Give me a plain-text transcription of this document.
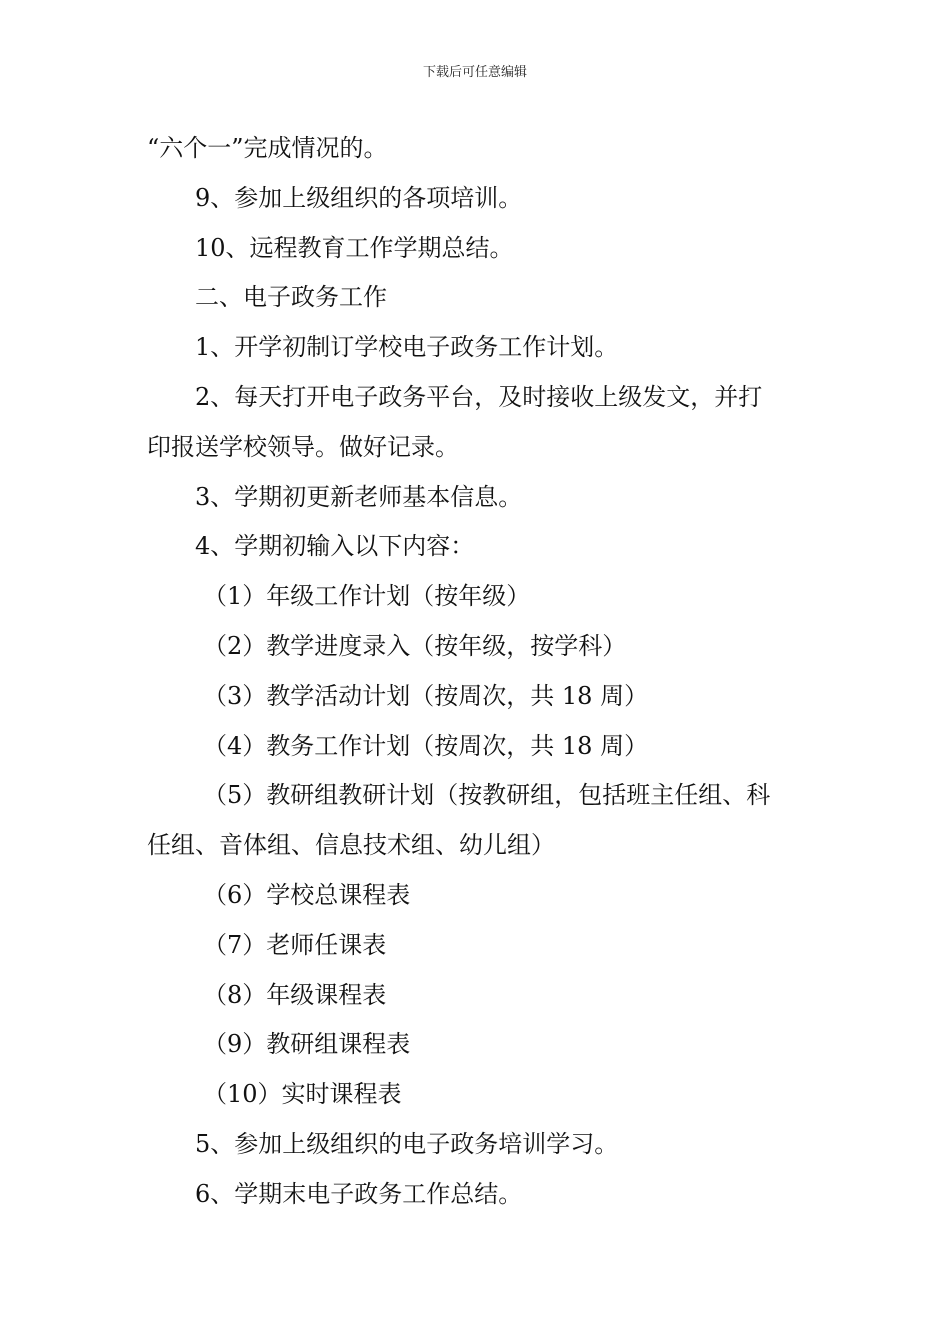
下载后可任意编辑
“六个一”完成情况的。
9、参加上级组织的各项培训。
10、远程教育工作学期总结。
二、电子政务工作
1、开学初制订学校电子政务工作计划。
2、每天打开电子政务平台，及时接收上级发文，并打
印报送学校领导。做好记录。
3、学期初更新老师基本信息。
4、学期初输入以下内容：
（1）年级工作计划（按年级）
（2）教学进度录入（按年级，按学科）
（3）教学活动计划（按周次，共 18 周）
（4）教务工作计划（按周次，共 18 周）
（5）教研组教研计划（按教研组，包括班主任组、科
任组、音体组、信息技术组、幼儿组）
（6）学校总课程表
（7）老师任课表
（8）年级课程表
（9）教研组课程表
（10）实时课程表
5、参加上级组织的电子政务培训学习。
6、学期末电子政务工作总结。
